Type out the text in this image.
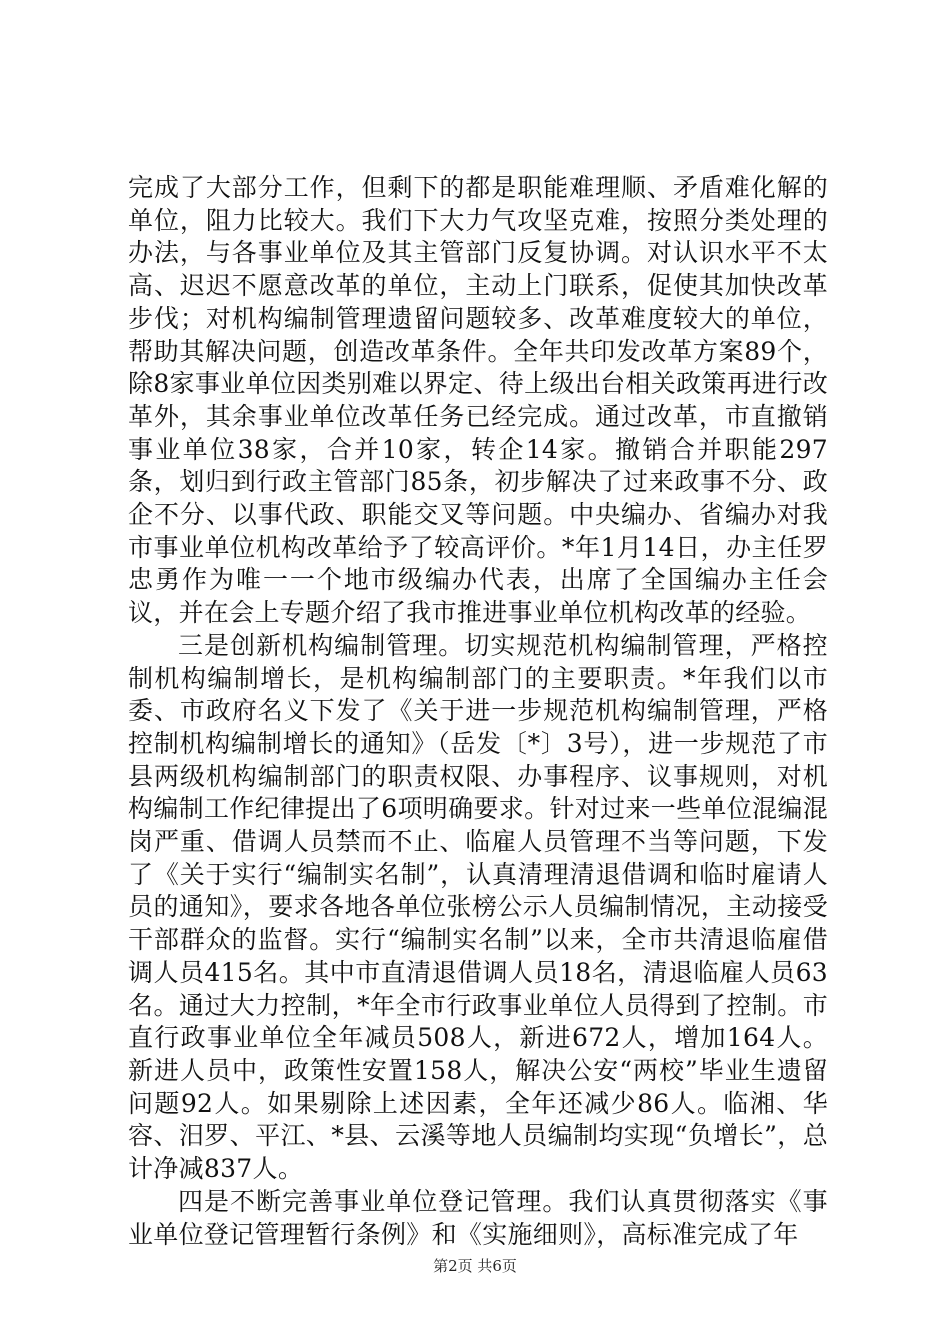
完成了大部分工作，但剩下的都是职能难理顺、矛盾难化解的单位，阻力比较大。我们下大力气攻坚克难，按照分类处理的办法，与各事业单位及其主管部门反复协调。对认识水平不太高、迟迟不愿意改革的单位，主动上门联系，促使其加快改革步伐；对机构编制管理遗留问题较多、改革难度较大的单位，帮助其解决问题，创造改革条件。全年共印发改革方案89个，除8家事业单位因类别难以界定、待上级出台相关政策再进行改革外，其余事业单位改革任务已经完成。通过改革，市直撤销事业单位38家，合并10家，转企14家。撤销合并职能297条，划归到行政主管部门85条，初步解决了过来政事不分、政企不分、以事代政、职能交叉等问题。中央编办、省编办对我市事业单位机构改革给予了较高评价。*年1月14日，办主任罗忠勇作为唯一一个地市级编办代表，出席了全国编办主任会议，并在会上专题介绍了我市推进事业单位机构改革的经验。

三是创新机构编制管理。切实规范机构编制管理，严格控制机构编制增长，是机构编制部门的主要职责。*年我们以市委、市政府名义下发了《关于进一步规范机构编制管理，严格控制机构编制增长的通知》（岳发〔*〕3号），进一步规范了市县两级机构编制部门的职责权限、办事程序、议事规则，对机构编制工作纪律提出了6项明确要求。针对过来一些单位混编混岗严重、借调人员禁而不止、临雇人员管理不当等问题，下发了《关于实行“编制实名制”，认真清理清退借调和临时雇请人员的通知》，要求各地各单位张榜公示人员编制情况，主动接受干部群众的监督。实行“编制实名制”以来，全市共清退临雇借调人员415名。其中市直清退借调人员18名，清退临雇人员63名。通过大力控制，*年全市行政事业单位人员得到了控制。市直行政事业单位全年减员508人，新进672人，增加164人。新进人员中，政策性安置158人，解决公安“两校”毕业生遗留问题92人。如果剔除上述因素，全年还减少86人。临湘、华容、汨罗、平江、*县、云溪等地人员编制均实现“负增长”，总计净减837人。

四是不断完善事业单位登记管理。我们认真贯彻落实《事业单位登记管理暂行条例》和《实施细则》，高标准完成了年

第2页 共6页
